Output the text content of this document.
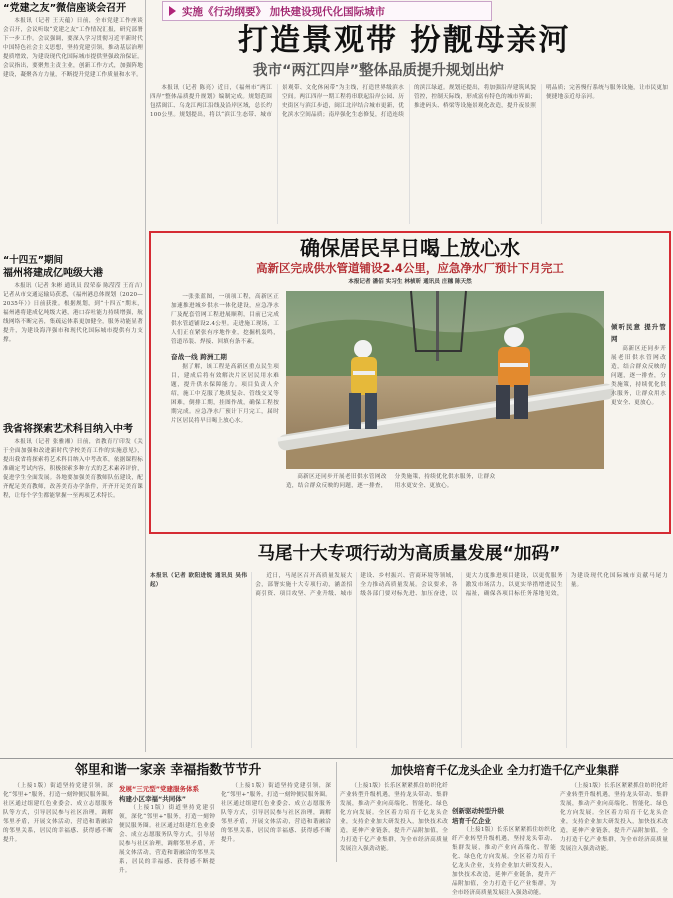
“党建之友”微信座谈会召开

本报讯（记者 王天蕴）日前，全市党建工作座谈会召开，会议听取“党建之友”工作情况汇报，研究部署下一步工作。会议强调，要深入学习贯彻习近平新时代中国特色社会主义思想，坚持党建引领，推动基层治理提质增效，为建设现代化国际城市提供坚强政治保证。会议指出，要聚焦主责主业，创新工作方式，加强阵地建设，凝聚各方力量，不断提升党建工作质量和水平。

“十四五”期间
福州将建成亿吨级大港

本报讯（记者 朱彬 通讯员 段荣泰 陈滢滢 王育吉）记者从市交通运输局获悉，《福州港总体规划（2020—2035年）》日前获批。根据规划，到“十四五”期末，福州港将建成亿吨级大港，港口吞吐能力持续增强，航线网络不断完善，集疏运体系更加健全，服务功能显著提升，为建设海洋强市和现代化国际城市提供有力支撑。

我省将探索艺术科目纳入中考

本报讯（记者 张雅湘）日前，省教育厅印发《关于全面加强和改进新时代学校美育工作的实施意见》，提出我省将探索将艺术科目纳入中考改革，依据课程标准确定考试内容，积极探索多种方式的艺术素养评价，促进学生全面发展。各地要加强美育教师队伍建设，配齐配足美育教师，改善美育办学条件，开齐开足美育课程，让每个学生都能掌握一至两项艺术特长。

实施《行动纲要》 加快建设现代化国际城市
打造景观带 扮靓母亲河
我市“两江四岸”整体品质提升规划出炉

本报讯（记者 陈亮）近日，《福州市“两江四岸”整体品质提升规划》编制完成。规划范围包括闽江、乌龙江两江沿线及沿岸区域，总长约100公里。规划提出，将以“滨江生态带、城市景观带、文化休闲带”为主线，打造世界级滨水空间。两江四岸一期工程将串联起沿岸公园、历史街区与滨江步道，闽江北岸结合城市更新，优化滨水空间品质；南岸强化生态修复，打造连续的滨江绿道。规划还提出，将加强沿岸建筑风貌管控，控制天际线，形成富有特色的城市界面；推进码头、桥梁等设施景观化改造，提升夜景照明品质；完善慢行系统与服务设施，让市民更加便捷地亲近母亲河。

确保居民早日喝上放心水
高新区完成供水管道铺设2.4公里，应急净水厂预计下月完工
本报记者 潘佰 实习生 林桢昕 通讯员 庄穗 陈天然

一张张蓝图，一项项工程，高新区正加速推进城乡供水一体化建设，应急净水厂及配套管网工程进展顺利，目前已完成供水管道铺设2.4公里。走进施工现场，工人们正在紧张有序地作业，挖掘机轰鸣，管道吊装、焊接、回填有条不紊。

奋战一线 跨洲工期

据了解，该工程是高新区重点民生项目，建成后将有效解决片区居民用水难题，提升供水保障能力。项目负责人介绍，施工中克服了地质复杂、管线交叉等困难，倒排工期，挂图作战，确保工程按期完成。应急净水厂预计下月完工，届时片区居民将早日喝上放心水。

高新区还同步开展老旧供水管网改造，结合群众反映的问题，逐一排查，分类施策，持续优化供水服务，让群众用水更安全、更放心。

倾听民意 提升管网

高新区还同步开展老旧供水管网改造，结合群众反映的问题，逐一排查，分类施策，持续优化供水服务，让群众用水更安全、更放心。

马尾十大专项行动为高质量发展“加码”
本报讯（记者 欧阳进锐 通讯员 吴伟起）

近日，马尾区召开高质量发展大会，部署实施十大专项行动，涵盖招商引资、项目攻坚、产业升级、城市建设、乡村振兴、营商环境等领域，全力推动高质量发展。会议要求，各级各部门要对标先进、加压奋进，以更大力度推进项目建设，以更优服务激发市场活力，以更实举措增进民生福祉，确保各项目标任务落地见效，为建设现代化国际城市贡献马尾力量。

邻里和谐一家亲 幸福指数节节升

（上接1版）街道坚持党建引领，深化“邻里+”服务，打造一刻钟便民服务圈。社区通过组建红色业委会、成立志愿服务队等方式，引导居民参与社区治理，调解邻里矛盾，开展文体活动，营造和谐融洽的邻里关系，居民的幸福感、获得感不断提升。

发展“三元型”党建服务体系
构建小区幸福“共同体”

（上接1版）街道坚持党建引领，深化“邻里+”服务，打造一刻钟便民服务圈。社区通过组建红色业委会、成立志愿服务队等方式，引导居民参与社区治理，调解邻里矛盾，开展文体活动，营造和谐融洽的邻里关系，居民的幸福感、获得感不断提升。

（上接1版）街道坚持党建引领，深化“邻里+”服务，打造一刻钟便民服务圈。社区通过组建红色业委会、成立志愿服务队等方式，引导居民参与社区治理，调解邻里矛盾，开展文体活动，营造和谐融洽的邻里关系，居民的幸福感、获得感不断提升。

加快培育千亿龙头企业 全力打造千亿产业集群

（上接1版）长乐区紧紧抓住纺织化纤产业转型升级机遇，坚持龙头带动、集群发展，推动产业向高端化、智能化、绿色化方向发展。全区着力培育千亿龙头企业，支持企业加大研发投入，加快技术改造，延伸产业链条，提升产品附加值，全力打造千亿产业集群，为全市经济高质量发展注入强劲动能。

创新驱动转型升级
培育千亿企业

（上接1版）长乐区紧紧抓住纺织化纤产业转型升级机遇，坚持龙头带动、集群发展，推动产业向高端化、智能化、绿色化方向发展。全区着力培育千亿龙头企业，支持企业加大研发投入，加快技术改造，延伸产业链条，提升产品附加值，全力打造千亿产业集群，为全市经济高质量发展注入强劲动能。

（上接1版）长乐区紧紧抓住纺织化纤产业转型升级机遇，坚持龙头带动、集群发展，推动产业向高端化、智能化、绿色化方向发展。全区着力培育千亿龙头企业，支持企业加大研发投入，加快技术改造，延伸产业链条，提升产品附加值，全力打造千亿产业集群，为全市经济高质量发展注入强劲动能。
